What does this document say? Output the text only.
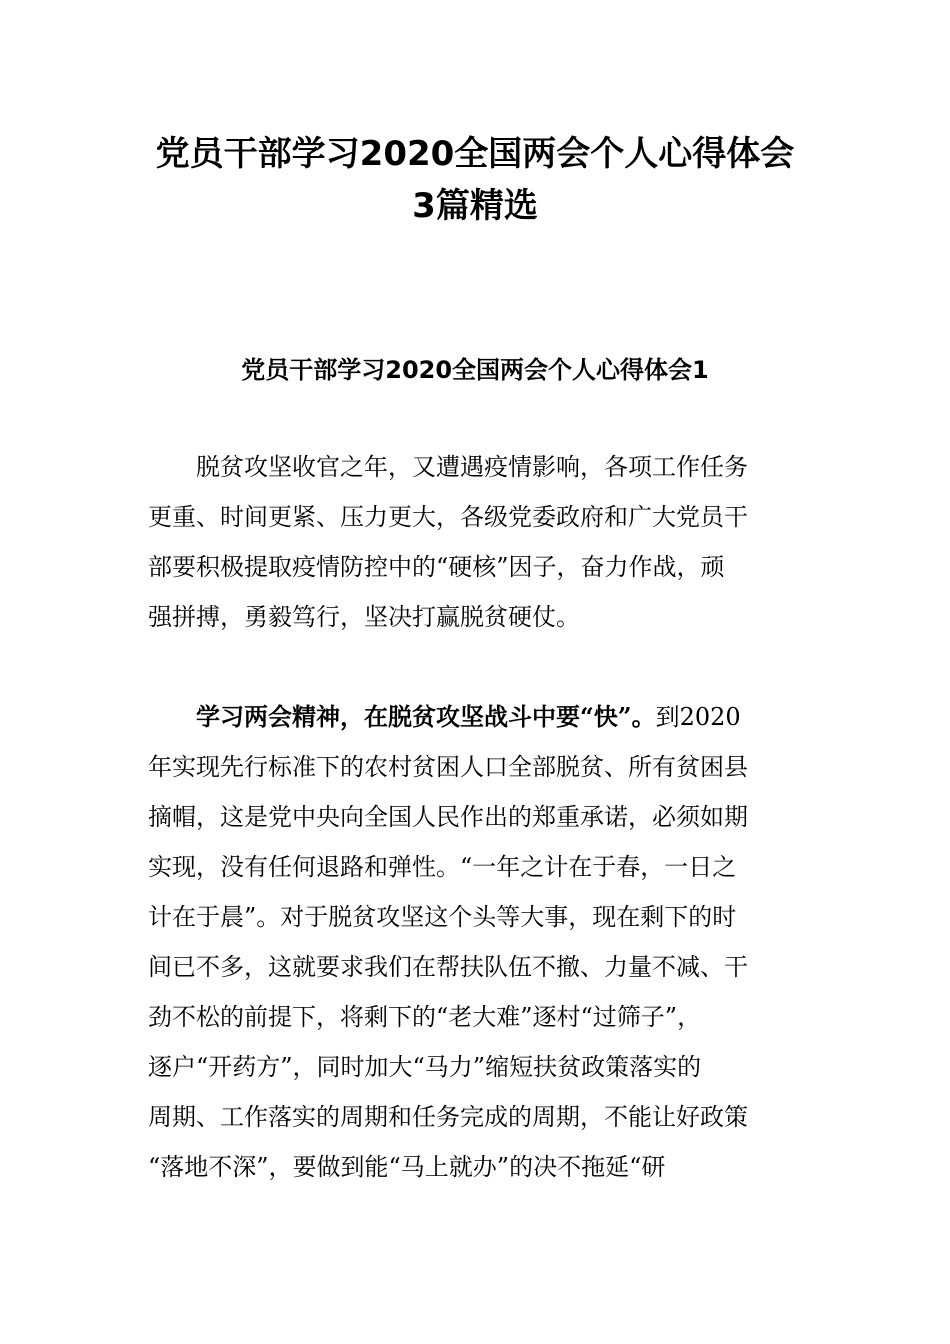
党员干部学习2020全国两会个人心得体会
3篇精选
党员干部学习2020全国两会个人心得体会1
脱贫攻坚收官之年，又遭遇疫情影响，各项工作任务
更重、时间更紧、压力更大，各级党委政府和广大党员干
部要积极提取疫情防控中的“硬核”因子，奋力作战，顽
强拼搏，勇毅笃行，坚决打赢脱贫硬仗。
学习两会精神，在脱贫攻坚战斗中要“快”。到2020
年实现先行标准下的农村贫困人口全部脱贫、所有贫困县
摘帽，这是党中央向全国人民作出的郑重承诺，必须如期
实现，没有任何退路和弹性。“一年之计在于春，一日之
计在于晨”。对于脱贫攻坚这个头等大事，现在剩下的时
间已不多，这就要求我们在帮扶队伍不撤、力量不减、干
劲不松的前提下，将剩下的“老大难”逐村“过筛子”，
逐户“开药方”，同时加大“马力”缩短扶贫政策落实的
周期、工作落实的周期和任务完成的周期，不能让好政策
“落地不深”，要做到能“马上就办”的决不拖延“研
